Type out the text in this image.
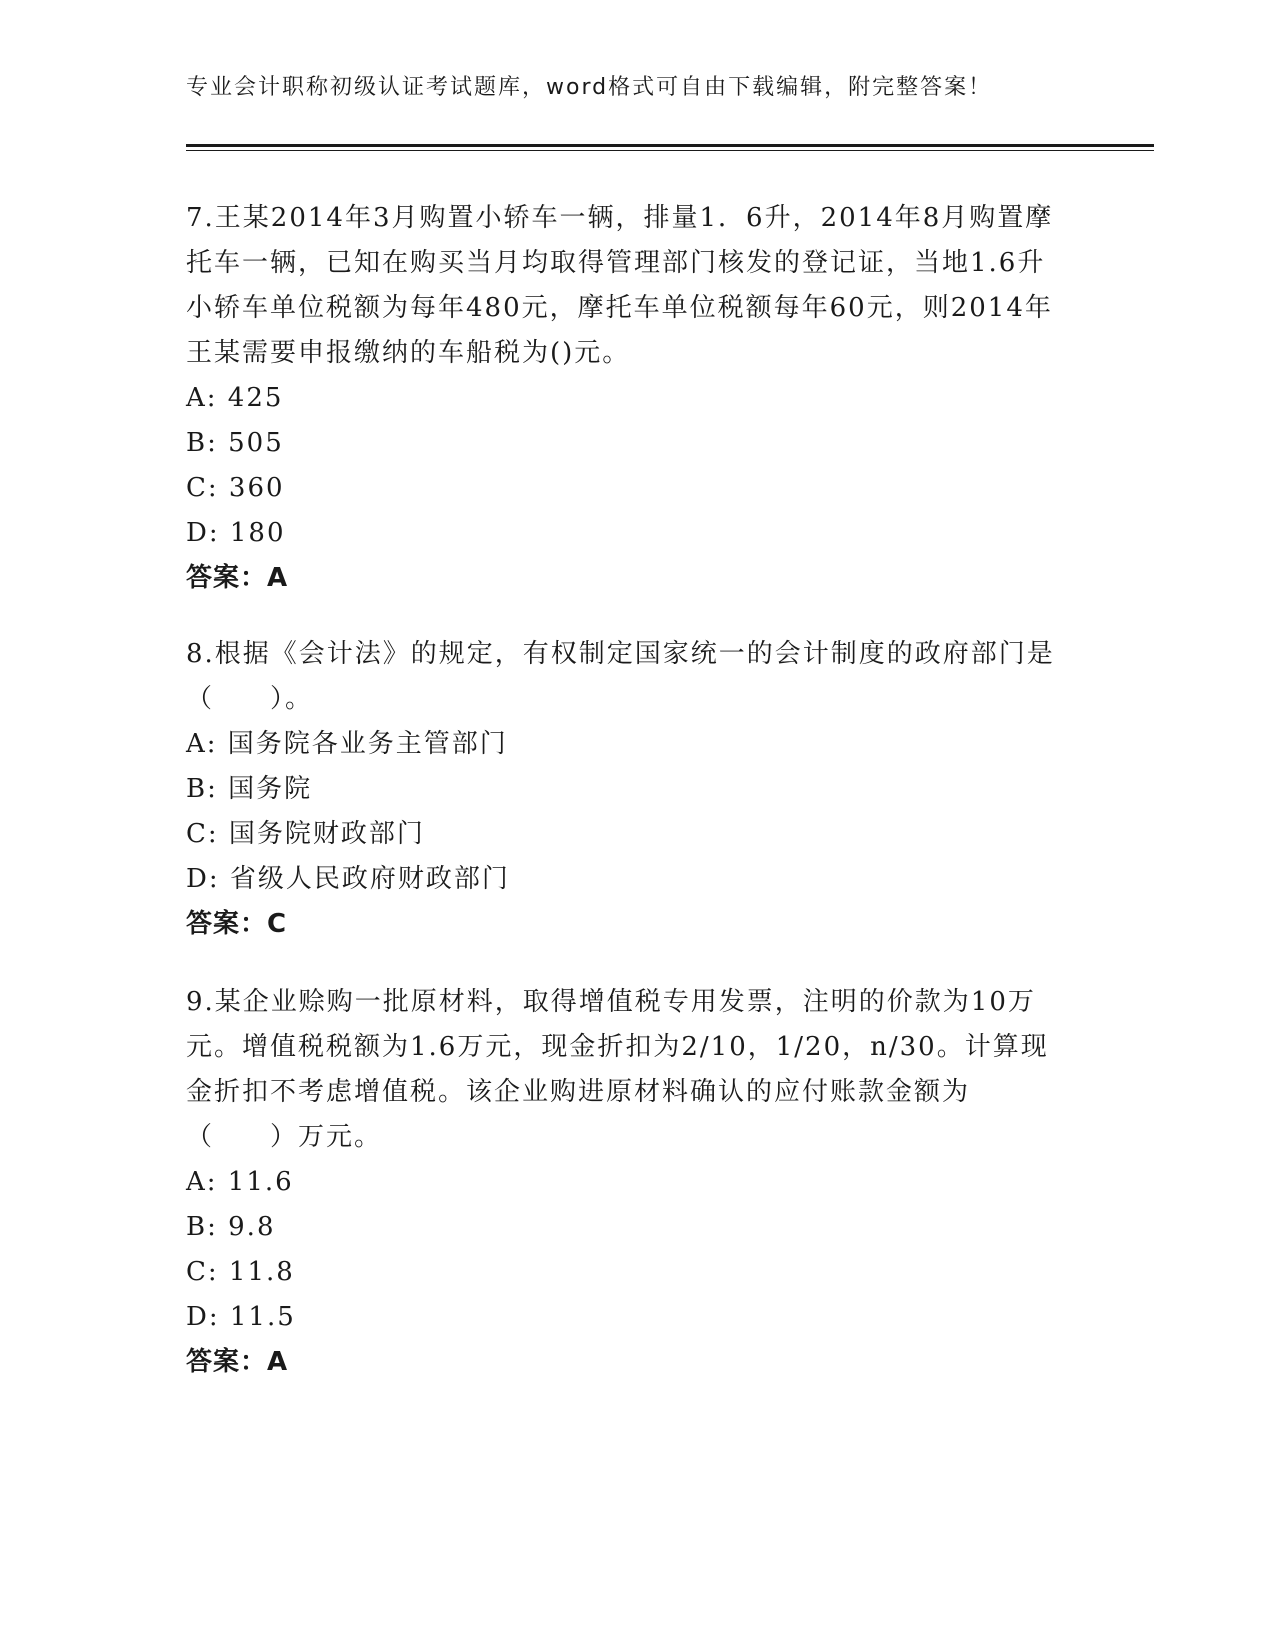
专业会计职称初级认证考试题库，word格式可自由下载编辑，附完整答案！

7.王某2014年3月购置小轿车一辆，排量1．6升，2014年8月购置摩托车一辆，已知在购买当月均取得管理部门核发的登记证，当地1.6升小轿车单位税额为每年480元，摩托车单位税额每年60元，则2014年王某需要申报缴纳的车船税为()元。

A: 425
B: 505
C: 360
D: 180
答案：A

8.根据《会计法》的规定，有权制定国家统一的会计制度的政府部门是（　　）。

A: 国务院各业务主管部门
B: 国务院
C: 国务院财政部门
D: 省级人民政府财政部门
答案：C

9.某企业赊购一批原材料，取得增值税专用发票，注明的价款为10万元。增值税税额为1.6万元，现金折扣为2/10，1/20，n/30。计算现金折扣不考虑增值税。该企业购进原材料确认的应付账款金额为（　　）万元。

A: 11.6
B: 9.8
C: 11.8
D: 11.5
答案：A
